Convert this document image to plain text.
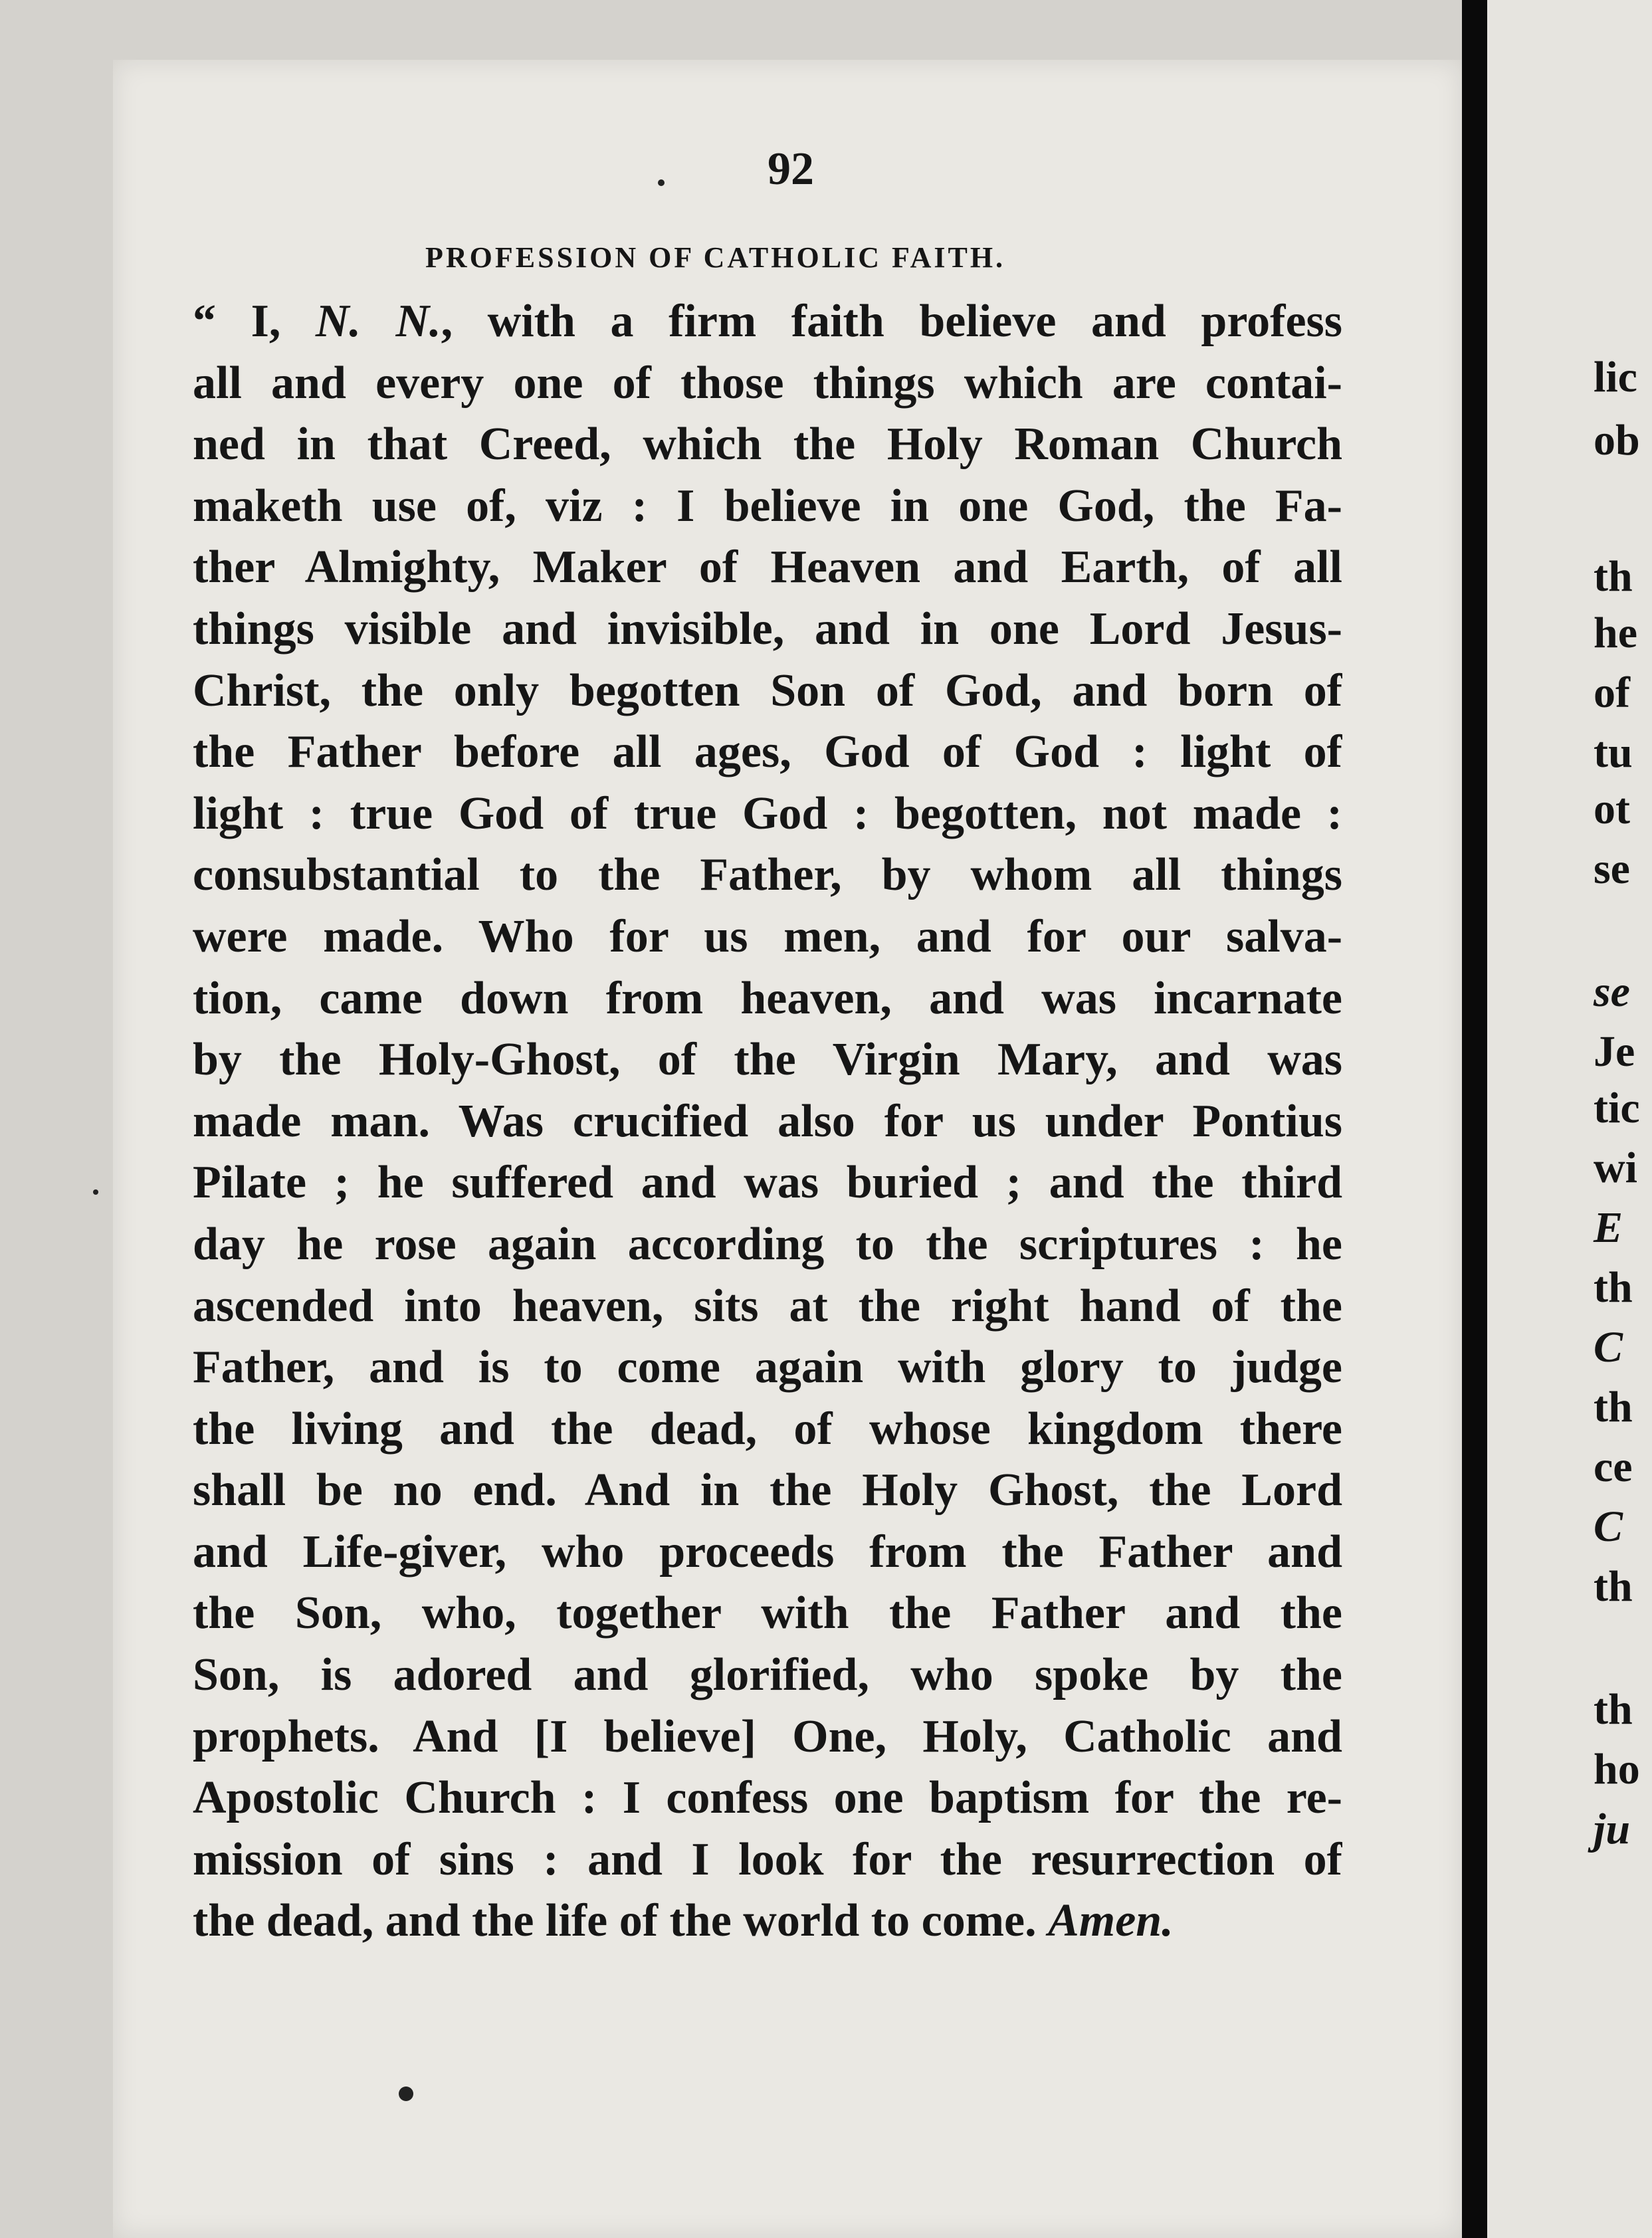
92
PROFESSION OF CATHOLIC FAITH.
“ I, N. N., with a firm faith believe and profess
all and every one of those things which are contai-
ned in that Creed, which the Holy Roman Church
maketh use of, viz : I believe in one God, the Fa-
ther Almighty, Maker of Heaven and Earth, of all
things visible and invisible, and in one Lord Jesus-
Christ, the only begotten Son of God, and born of
the Father before all ages, God of God : light of
light : true God of true God : begotten, not made :
consubstantial to the Father, by whom all things
were made. Who for us men, and for our salva-
tion, came down from heaven, and was incarnate
by the Holy-Ghost, of the Virgin Mary, and was
made man. Was crucified also for us under Pontius
Pilate ; he suffered and was buried ; and the third
day he rose again according to the scriptures : he
ascended into heaven, sits at the right hand of the
Father, and is to come again with glory to judge
the living and the dead, of whose kingdom there
shall be no end. And in the Holy Ghost, the Lord
and Life-giver, who proceeds from the Father and
the Son, who, together with the Father and the
Son, is adored and glorified, who spoke by the
prophets. And [I believe] One, Holy, Catholic and
Apostolic Church : I confess one baptism for the re-
mission of sins : and I look for the resurrection of
the dead, and the life of the world to come. Amen.
lic
ob
th
he
of
tu
ot
se
se
Je
tic
wi
E
th
C
th
ce
C
th
th
ho
ju
